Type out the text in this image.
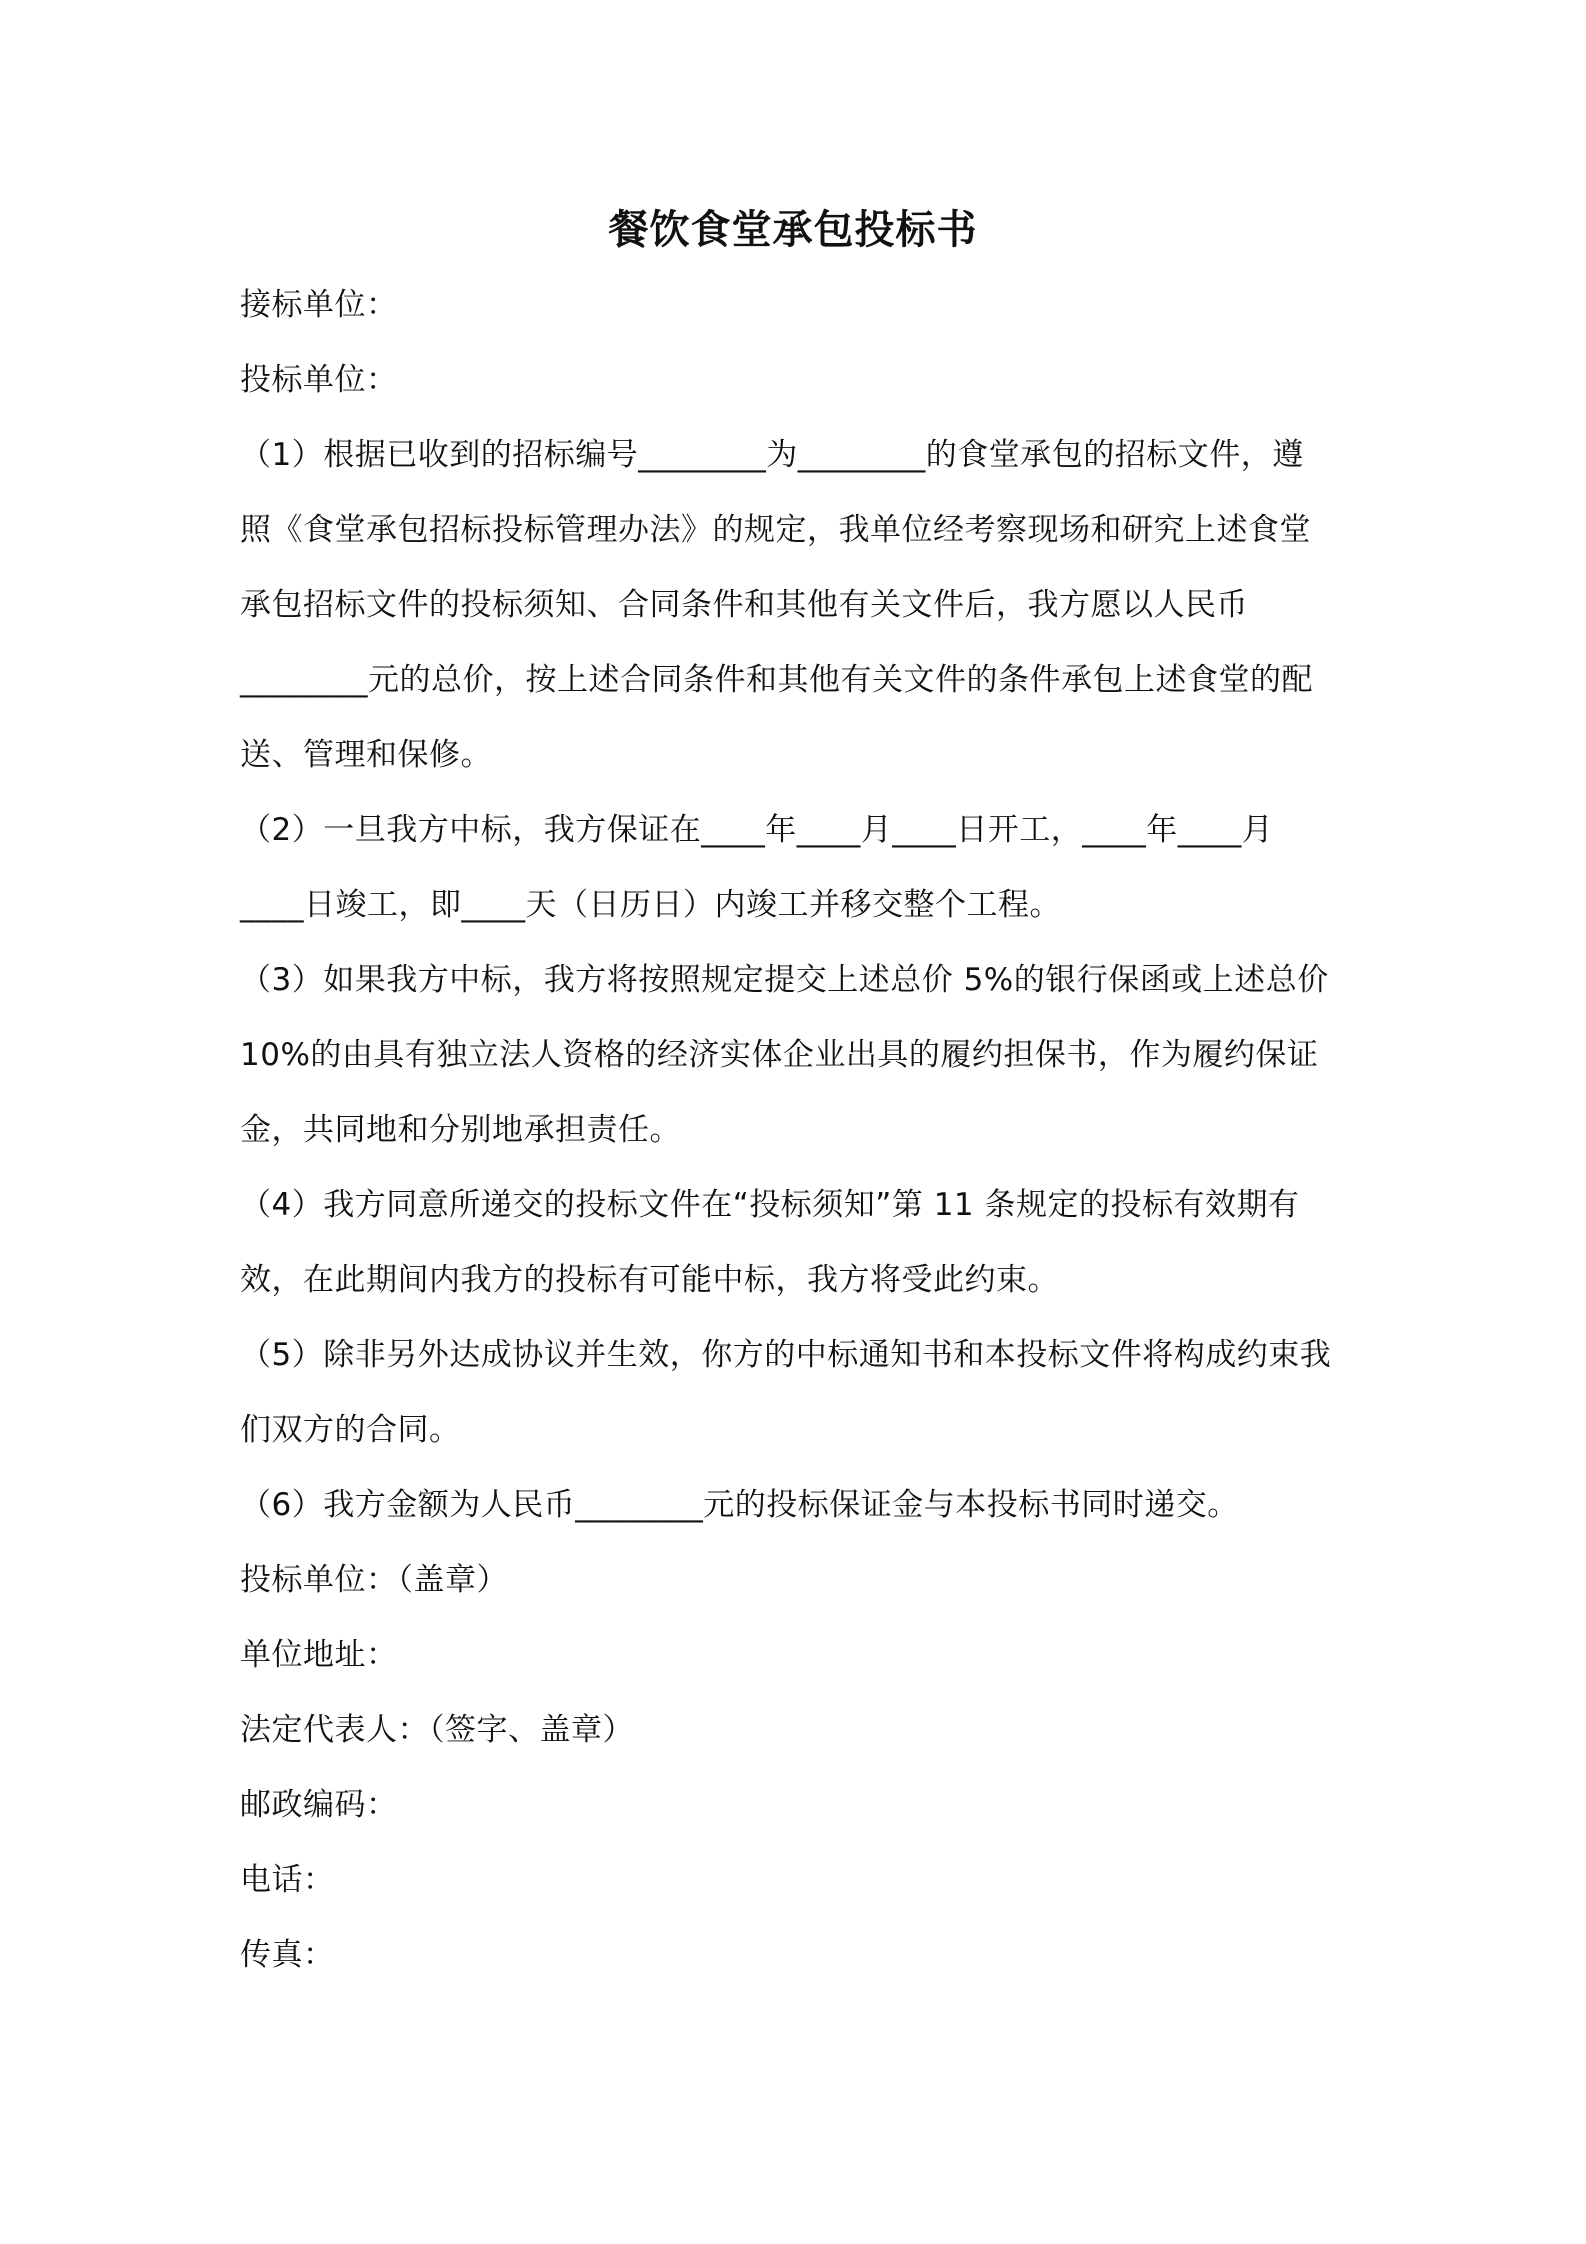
餐饮食堂承包投标书
接标单位：
投标单位：
（1）根据已收到的招标编号________为________的食堂承包的招标文件，遵
照《食堂承包招标投标管理办法》的规定，我单位经考察现场和研究上述食堂
承包招标文件的投标须知、合同条件和其他有关文件后，我方愿以人民币
________元的总价，按上述合同条件和其他有关文件的条件承包上述食堂的配
送、管理和保修。
（2）一旦我方中标，我方保证在____年____月____日开工，____年____月
____日竣工，即____天（日历日）内竣工并移交整个工程。
（3）如果我方中标，我方将按照规定提交上述总价 5%的银行保函或上述总价
10%的由具有独立法人资格的经济实体企业出具的履约担保书，作为履约保证
金，共同地和分别地承担责任。
（4）我方同意所递交的投标文件在“投标须知”第 11 条规定的投标有效期有
效，在此期间内我方的投标有可能中标，我方将受此约束。
（5）除非另外达成协议并生效，你方的中标通知书和本投标文件将构成约束我
们双方的合同。
（6）我方金额为人民币________元的投标保证金与本投标书同时递交。
投标单位：（盖章）
单位地址：
法定代表人：（签字、盖章）
邮政编码：
电话：
传真：
